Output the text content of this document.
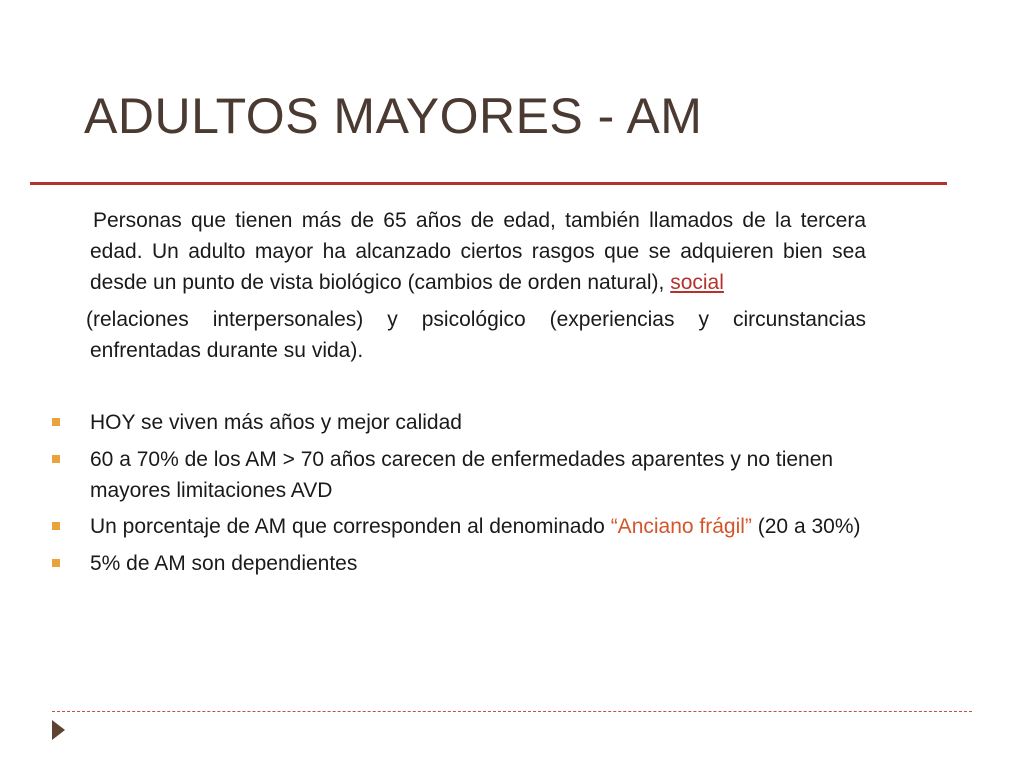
ADULTOS MAYORES - AM

Personas que tienen más de 65 años de edad, también llamados de la tercera edad. Un adulto mayor ha alcanzado ciertos rasgos que se adquieren bien sea desde un punto de vista biológico (cambios de orden natural), social

(relaciones interpersonales) y psicológico (experiencias y circunstancias enfrentadas durante su vida).

HOY se viven más años y mejor calidad
60 a 70% de los AM > 70 años carecen de enfermedades aparentes y no tienen mayores limitaciones AVD
Un porcentaje de AM que corresponden al denominado “Anciano frágil” (20 a 30%)
5% de AM son dependientes
